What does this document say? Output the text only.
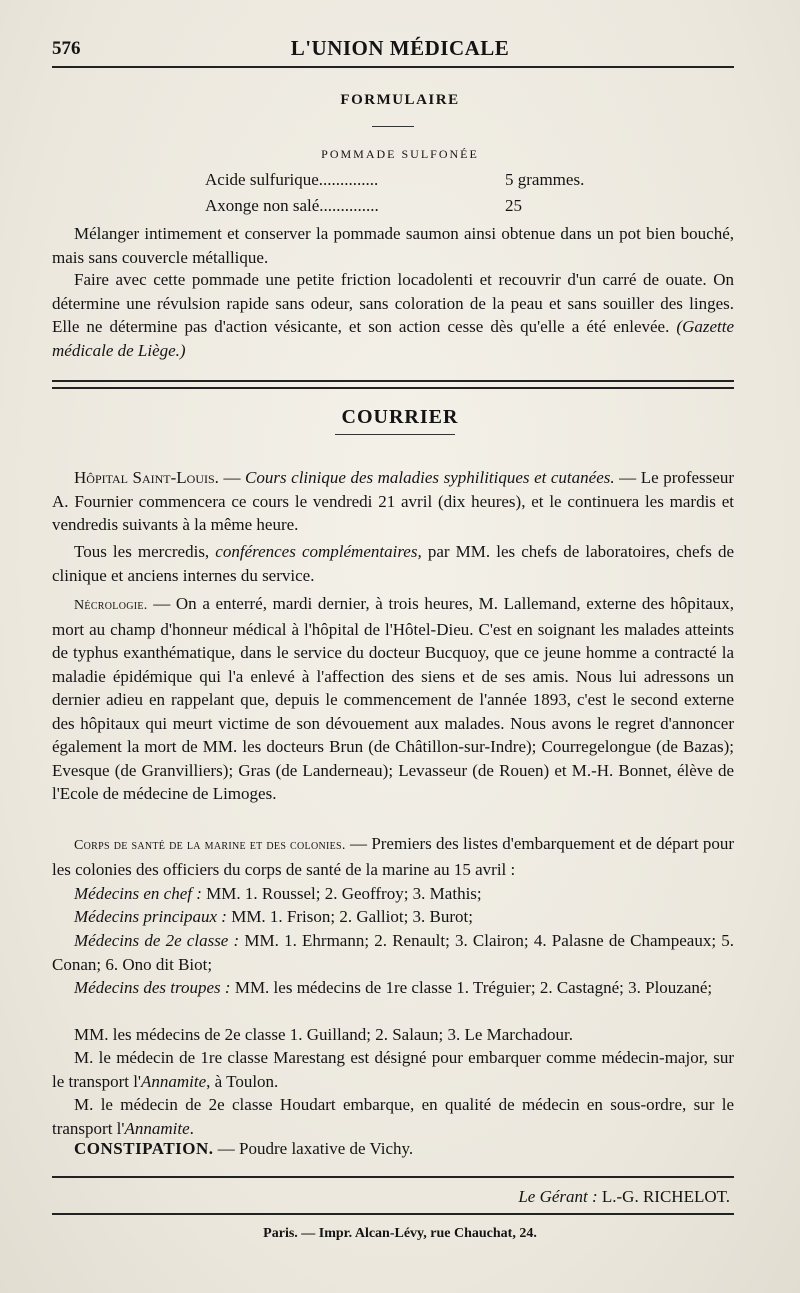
576	L'UNION MÉDICALE
FORMULAIRE
POMMADE SULFONÉE
Acide sulfurique..............	5 grammes.
Axonge non salé..............	25
Mélanger intimement et conserver la pommade saumon ainsi obtenue dans un pot bien bouché, mais sans couvercle métallique.
Faire avec cette pommade une petite friction locadolenti et recouvrir d'un carré de ouate. On détermine une révulsion rapide sans odeur, sans coloration de la peau et sans souiller des linges. Elle ne détermine pas d'action vésicante, et son action cesse dès qu'elle a été enlevée. (Gazette médicale de Liège.)
COURRIER
Hôpital Saint-Louis. — Cours clinique des maladies syphilitiques et cutanées. — Le professeur A. Fournier commencera ce cours le vendredi 21 avril (dix heures), et le continuera les mardis et vendredis suivants à la même heure.
Tous les mercredis, conférences complémentaires, par MM. les chefs de laboratoires, chefs de clinique et anciens internes du service.
Nécrologie. — On a enterré, mardi dernier, à trois heures, M. Lallemand, externe des hôpitaux, mort au champ d'honneur médical à l'hôpital de l'Hôtel-Dieu. C'est en soignant les malades atteints de typhus exanthématique, dans le service du docteur Bucquoy, que ce jeune homme a contracté la maladie épidémique qui l'a enlevé à l'affection des siens et de ses amis. Nous lui adressons un dernier adieu en rappelant que, depuis le commencement de l'année 1893, c'est le second externe des hôpitaux qui meurt victime de son dévouement aux malades. Nous avons le regret d'annoncer également la mort de MM. les docteurs Brun (de Châtillon-sur-Indre); Courregelongue (de Bazas); Evesque (de Granvilliers); Gras (de Landerneau); Levasseur (de Rouen) et M.-H. Bonnet, élève de l'Ecole de médecine de Limoges.
Corps de santé de la marine et des colonies. — Premiers des listes d'embarquement et de départ pour les colonies des officiers du corps de santé de la marine au 15 avril :
Médecins en chef : MM. 1. Roussel; 2. Geoffroy; 3. Mathis;
Médecins principaux : MM. 1. Frison; 2. Galliot; 3. Burot;
Médecins de 2e classe : MM. 1. Ehrmann; 2. Renault; 3. Clairon; 4. Palasne de Champeaux; 5. Conan; 6. Ono dit Biot;
Médecins des troupes : MM. les médecins de 1re classe 1. Tréguier; 2. Castagné; 3. Plouzané;
MM. les médecins de 2e classe 1. Guilland; 2. Salaun; 3. Le Marchadour.
M. le médecin de 1re classe Marestang est désigné pour embarquer comme médecin-major, sur le transport l'Annamite, à Toulon.
M. le médecin de 2e classe Houdart embarque, en qualité de médecin en sous-ordre, sur le transport l'Annamite.
CONSTIPATION. — Poudre laxative de Vichy.
Le Gérant : L.-G. RICHELOT.
Paris. — Impr. Alcan-Lévy, rue Chauchat, 24.
